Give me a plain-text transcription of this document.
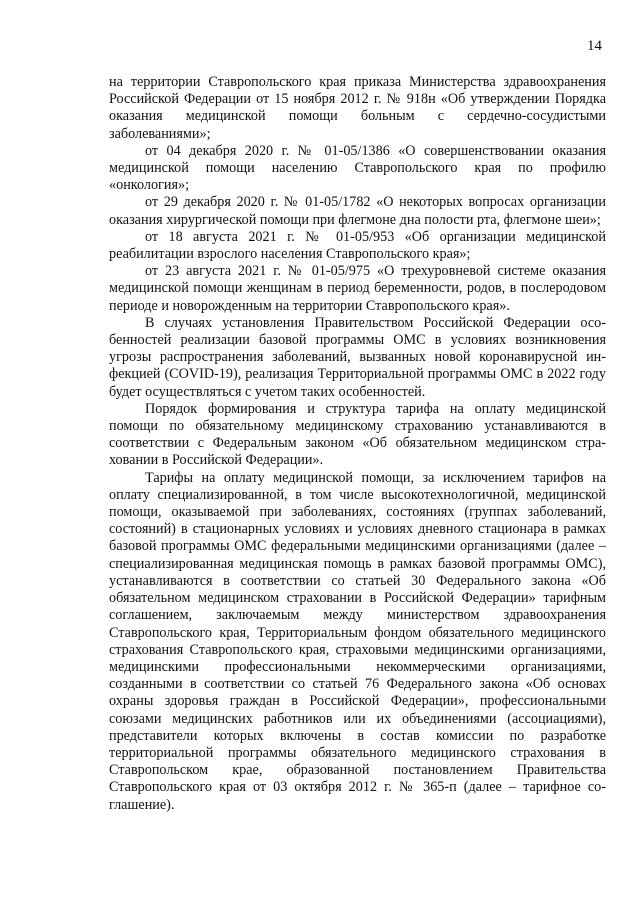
14

на территории Ставропольского края приказа Министерства здравоохранения Российской Федерации от 15 ноября 2012 г. № 918н «Об утверждении Порядка оказания медицинской помощи больным с сердечно-сосудистыми заболеваниями»;

от 04 декабря 2020 г. № 01-05/1386 «О совершенствовании оказания медицинской помощи населению Ставропольского края по профилю «онкология»;

от 29 декабря 2020 г. № 01-05/1782 «О некоторых вопросах организации оказания хирургической помощи при флегмоне дна полости рта, флегмоне шеи»;

от 18 августа 2021 г. № 01-05/953 «Об организации медицинской реабилитации взрослого населения Ставропольского края»;

от 23 августа 2021 г. № 01-05/975 «О трехуровневой системе оказания медицинской помощи женщинам в период беременности, родов, в послеродовом периоде и новорожденным на территории Ставропольского края».

В случаях установления Правительством Российской Федерации особенностей реализации базовой программы ОМС в условиях возникновения угрозы распространения заболеваний, вызванных новой коронавирусной инфекцией (COVID-19), реализация Территориальной программы ОМС в 2022 году будет осуществляться с учетом таких особенностей.

Порядок формирования и структура тарифа на оплату медицинской помощи по обязательному медицинскому страхованию устанавливаются в соответствии с Федеральным законом «Об обязательном медицинском страховании в Российской Федерации».

Тарифы на оплату медицинской помощи, за исключением тарифов на оплату специализированной, в том числе высокотехнологичной, медицинской помощи, оказываемой при заболеваниях, состояниях (группах заболеваний, состояний) в стационарных условиях и условиях дневного стационара в рамках базовой программы ОМС федеральными медицинскими организациями (далее – специализированная медицинская помощь в рамках базовой программы ОМС), устанавливаются в соответствии со статьей 30 Федерального закона «Об обязательном медицинском страховании в Российской Федерации» тарифным соглашением, заключаемым между министерством здравоохранения Ставропольского края, Территориальным фондом обязательного медицинского страхования Ставропольского края, страховыми медицинскими организациями, медицинскими профессиональными некоммерческими организациями, созданными в соответствии со статьей 76 Федерального закона «Об основах охраны здоровья граждан в Российской Федерации», профессиональными союзами медицинских работников или их объединениями (ассоциациями), представители которых включены в состав комиссии по разработке территориальной программы обязательного медицинского страхования в Ставропольском крае, образованной постановлением Правительства Ставропольского края от 03 октября 2012 г. № 365-п (далее – тарифное соглашение).
